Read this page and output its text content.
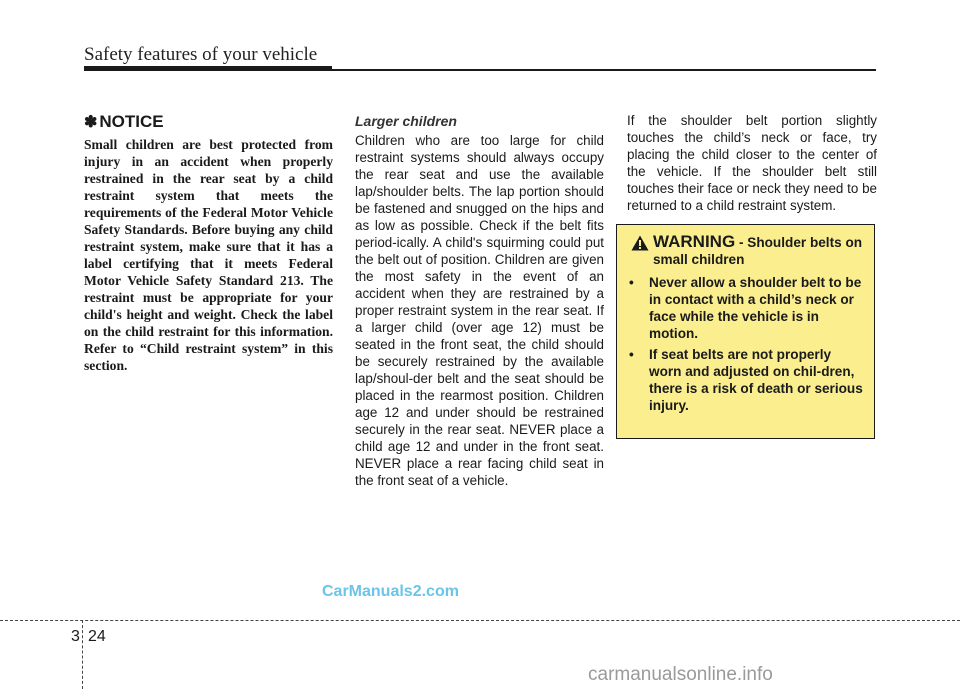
Safety features of your vehicle
✽ NOTICE

Small children are best protected from injury in an accident when properly restrained in the rear seat by a child restraint system that meets the requirements of the Federal Motor Vehicle Safety Standards. Before buying any child restraint system, make sure that it has a label certifying that it meets Federal Motor Vehicle Safety Standard 213. The restraint must be appropriate for your child's height and weight. Check the label on the child restraint for this information. Refer to “Child restraint system” in this section.

Larger children

Children who are too large for child restraint systems should always occupy the rear seat and use the available lap/shoulder belts. The lap portion should be fastened and snugged on the hips and as low as possible. Check if the belt fits period-ically. A child's squirming could put the belt out of position. Children are given the most safety in the event of an accident when they are restrained by a proper restraint system in the rear seat. If a larger child (over age 12) must be seated in the front seat, the child should be securely restrained by the available lap/shoul-der belt and the seat should be placed in the rearmost position. Children age 12 and under should be restrained securely in the rear seat. NEVER place a child age 12 and under in the front seat. NEVER place a rear facing child seat in the front seat of a vehicle.

If the shoulder belt portion slightly touches the child’s neck or face, try placing the child closer to the center of the vehicle. If the shoulder belt still touches their face or neck they need to be returned to a child restraint system.

WARNING - Shoulder belts on small children
• Never allow a shoulder belt to be in contact with a child’s neck or face while the vehicle is in motion.
• If seat belts are not properly worn and adjusted on chil-dren, there is a risk of death or serious injury.
CarManuals2.com
3 24
carmanualsonline.info
